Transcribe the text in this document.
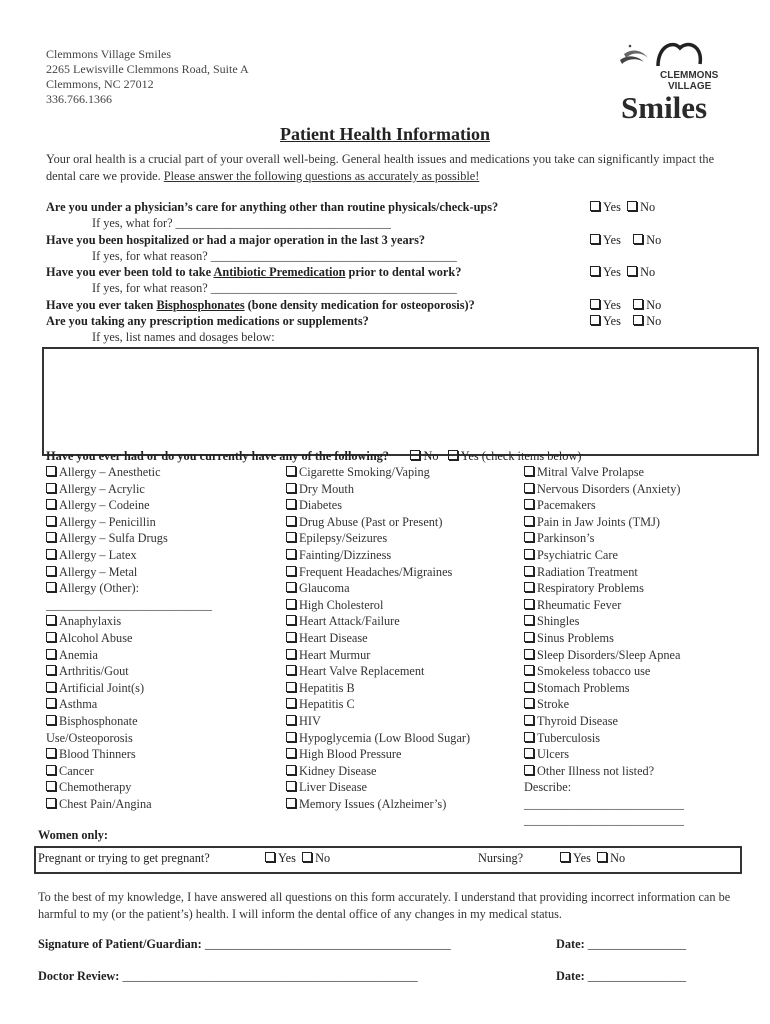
Clemmons Village Smiles
2265 Lewisville Clemmons Road, Suite A
Clemmons, NC 27012
336.766.1366
CLEMMONS
VILLAGE
Smiles
Patient Health Information
Your oral health is a crucial part of your overall well-being. General health issues and medications you take can significantly impact the dental care we provide. Please answer the following questions as accurately as possible!
Are you under a physician’s care for anything other than routine physicals/check-ups?	Yes No
If yes, what for? ___________________________________
Have you been hospitalized or had a major operation in the last 3 years?	Yes No
If yes, for what reason? ________________________________________
Have you ever been told to take Antibiotic Premedication prior to dental work?	Yes No
If yes, for what reason? ________________________________________
Have you ever taken Bisphosphonates (bone density medication for osteoporosis)?	Yes No
Are you taking any prescription medications or supplements?	Yes No
If yes, list names and dosages below:
Have you ever had or do you currently have any of the following?	No Yes (check items below)
Allergy – Anesthetic
Allergy – Acrylic
Allergy – Codeine
Allergy – Penicillin
Allergy – Sulfa Drugs
Allergy – Latex
Allergy – Metal
Allergy (Other):
___________________________
Anaphylaxis
Alcohol Abuse
Anemia
Arthritis/Gout
Artificial Joint(s)
Asthma
Bisphosphonate
Use/Osteoporosis
Blood Thinners
Cancer
Chemotherapy
Chest Pain/Angina
Cigarette Smoking/Vaping
Dry Mouth
Diabetes
Drug Abuse (Past or Present)
Epilepsy/Seizures
Fainting/Dizziness
Frequent Headaches/Migraines
Glaucoma
High Cholesterol
Heart Attack/Failure
Heart Disease
Heart Murmur
Heart Valve Replacement
Hepatitis B
Hepatitis C
HIV
Hypoglycemia (Low Blood Sugar)
High Blood Pressure
Kidney Disease
Liver Disease
Memory Issues (Alzheimer’s)
Mitral Valve Prolapse
Nervous Disorders (Anxiety)
Pacemakers
Pain in Jaw Joints (TMJ)
Parkinson’s
Psychiatric Care
Radiation Treatment
Respiratory Problems
Rheumatic Fever
Shingles
Sinus Problems
Sleep Disorders/Sleep Apnea
Smokeless tobacco use
Stomach Problems
Stroke
Thyroid Disease
Tuberculosis
Ulcers
Other Illness not listed?
Describe:
__________________________
__________________________
Women only:
Pregnant or trying to get pregnant?	Yes No	Nursing?	Yes No
To the best of my knowledge, I have answered all questions on this form accurately. I understand that providing incorrect information can be harmful to my (or the patient’s) health. I will inform the dental office of any changes in my medical status.
Signature of Patient/Guardian: ________________________________________	Date: ________________
Doctor Review: ________________________________________________	Date: ________________
